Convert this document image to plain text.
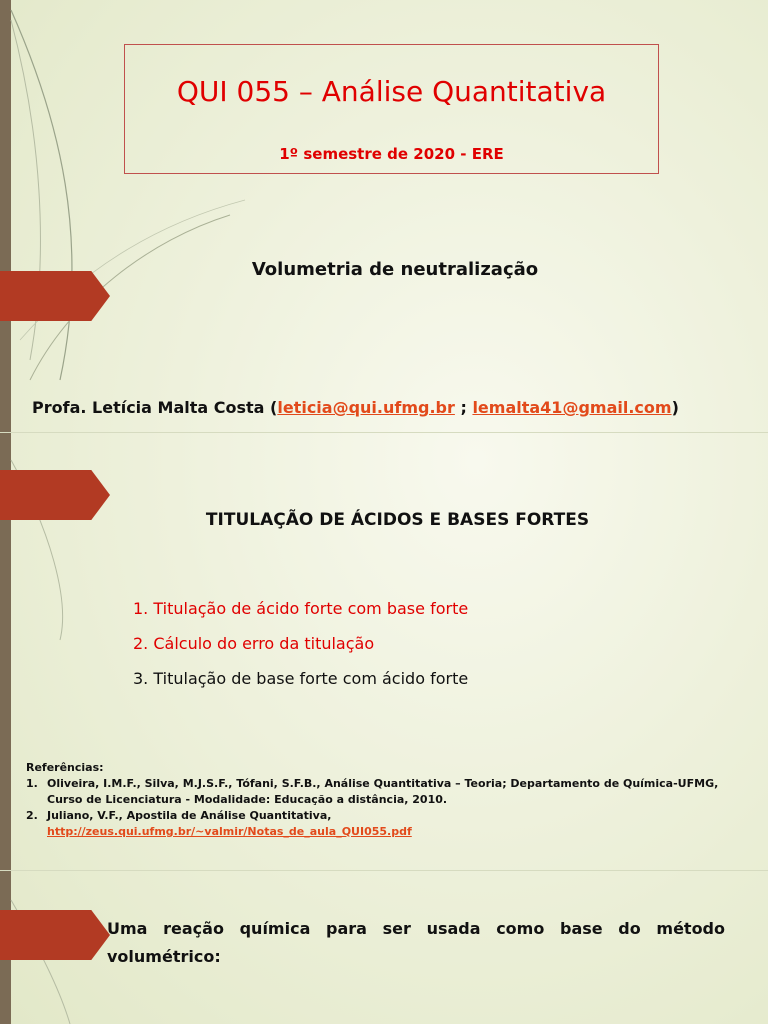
QUI 055 – Análise Quantitativa

1º semestre de 2020 - ERE

Volumetria de neutralização
Profa. Letícia Malta Costa (leticia@qui.ufmg.br ; lemalta41@gmail.com)
TITULAÇÃO DE ÁCIDOS E BASES FORTES
1. Titulação de ácido forte com base forte
2. Cálculo do erro da titulação
3. Titulação de base forte com ácido forte
Referências:
1. Oliveira, I.M.F., Silva, M.J.S.F., Tófani, S.F.B., Análise Quantitativa – Teoria; Departamento de Química-UFMG, Curso de Licenciatura - Modalidade: Educação a distância, 2010.
2. Juliano, V.F., Apostila de Análise Quantitativa,
http://zeus.qui.ufmg.br/~valmir/Notas_de_aula_QUI055.pdf
Uma reação química para ser usada como base do método
volumétrico:
